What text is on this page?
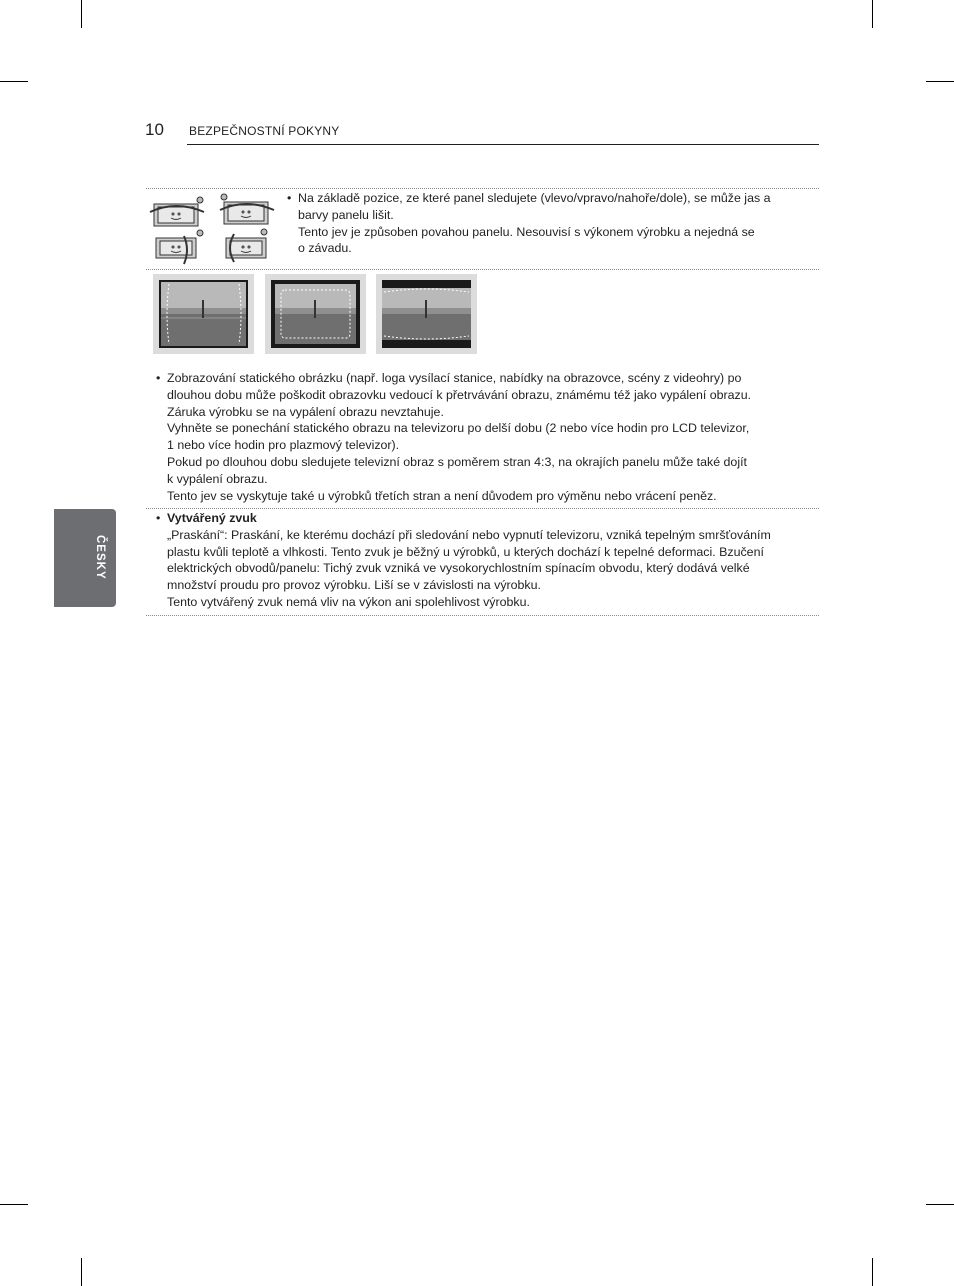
10 BEZPEČNOSTNÍ POKYNY
ČESKY
• Na základě pozice, ze které panel sledujete (vlevo/vpravo/nahoře/dole), se může jas a
barvy panelu lišit.
Tento jev je způsoben povahou panelu. Nesouvisí s výkonem výrobku a nejedná se
o závadu.
• Zobrazování statického obrázku (např. loga vysílací stanice, nabídky na obrazovce, scény z videohry) po
dlouhou dobu může poškodit obrazovku vedoucí k přetrvávání obrazu, známému též jako vypálení obrazu.
Záruka výrobku se na vypálení obrazu nevztahuje.
Vyhněte se ponechání statického obrazu na televizoru po delší dobu (2 nebo více hodin pro LCD televizor,
1 nebo více hodin pro plazmový televizor).
Pokud po dlouhou dobu sledujete televizní obraz s poměrem stran 4:3, na okrajích panelu může také dojít
k vypálení obrazu.
Tento jev se vyskytuje také u výrobků třetích stran a není důvodem pro výměnu nebo vrácení peněz.
• Vytvářený zvuk
„Praskání“: Praskání, ke kterému dochází při sledování nebo vypnutí televizoru, vzniká tepelným smršťováním
plastu kvůli teplotě a vlhkosti. Tento zvuk je běžný u výrobků, u kterých dochází k tepelné deformaci. Bzučení
elektrických obvodů/panelu: Tichý zvuk vzniká ve vysokorychlostním spínacím obvodu, který dodává velké
množství proudu pro provoz výrobku. Liší se v závislosti na výrobku.
Tento vytvářený zvuk nemá vliv na výkon ani spolehlivost výrobku.
